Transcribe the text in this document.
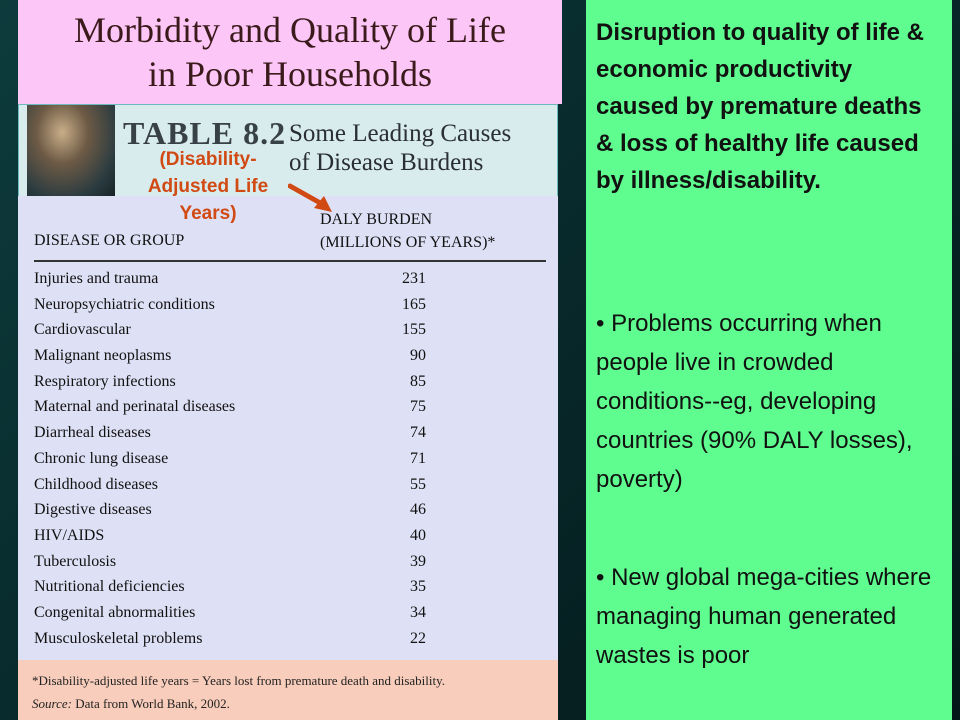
Morbidity and Quality of Life
in Poor Households
TABLE 8.2 Some Leading Causes
of Disease Burdens
DISEASE OR GROUP
DALY BURDEN
(MILLIONS OF YEARS)*
Injuries and trauma	231
Neuropsychiatric conditions	165
Cardiovascular	155
Malignant neoplasms	90
Respiratory infections	85
Maternal and perinatal diseases	75
Diarrheal diseases	74
Chronic lung disease	71
Childhood diseases	55
Digestive diseases	46
HIV/AIDS	40
Tuberculosis	39
Nutritional deficiencies	35
Congenital abnormalities	34
Musculoskeletal problems	22
*Disability-adjusted life years = Years lost from premature death and disability.
Source: Data from World Bank, 2002.
(Disability-
Adjusted Life
Years)
Disruption to quality of life & economic productivity caused by premature deaths & loss of healthy life caused by illness/disability.
• Problems occurring when people live in crowded conditions--eg, developing countries (90% DALY losses), poverty)
• New global mega-cities where managing human generated wastes is poor
